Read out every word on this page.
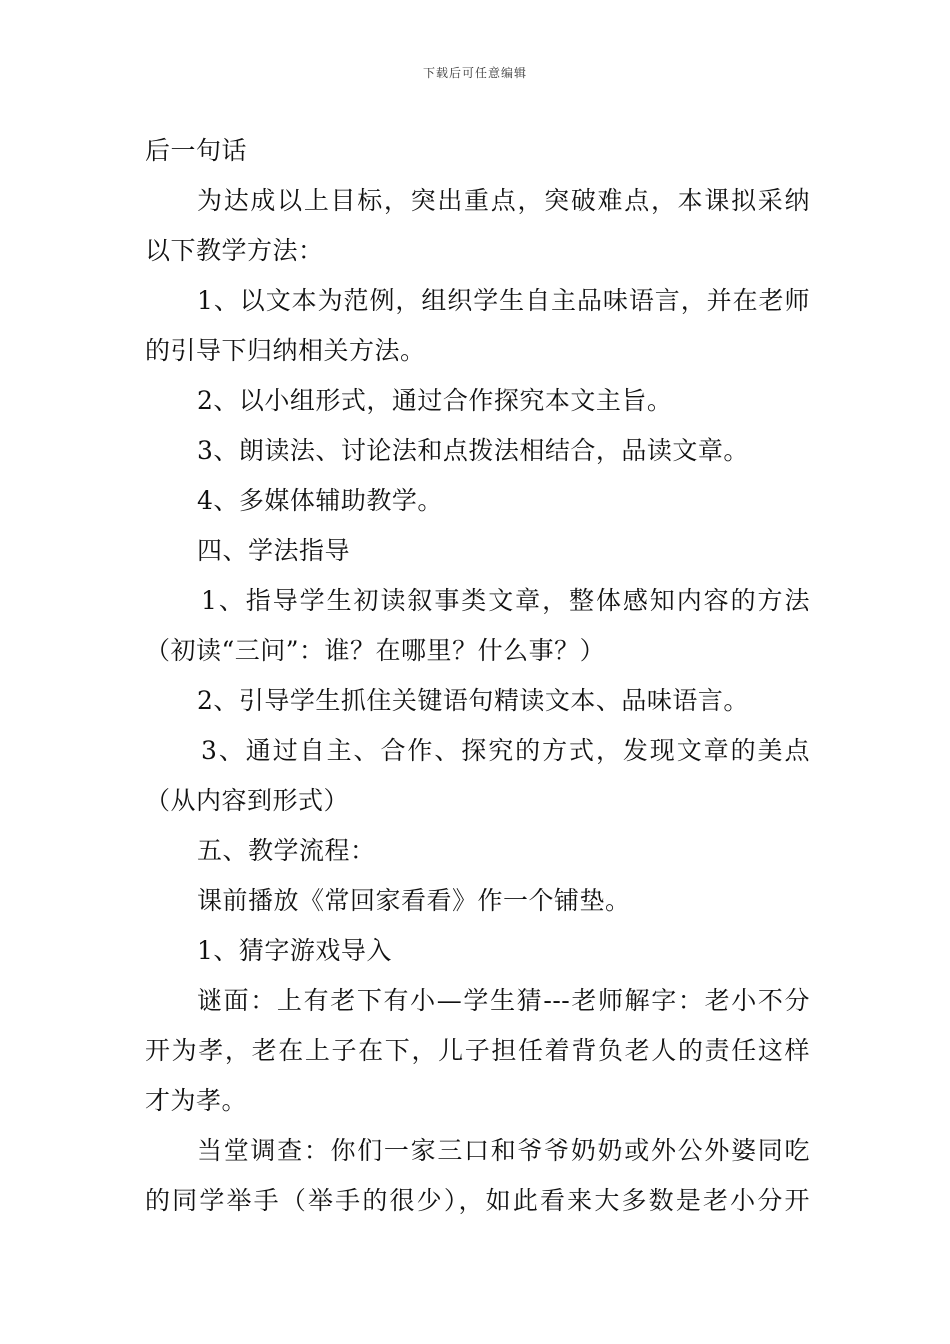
下载后可任意编辑
后一句话
为达成以上目标，突出重点，突破难点，本课拟采纳
以下教学方法：
1、以文本为范例，组织学生自主品味语言，并在老师
的引导下归纳相关方法。
2、以小组形式，通过合作探究本文主旨。
3、朗读法、讨论法和点拨法相结合，品读文章。
4、多媒体辅助教学。
四、学法指导
1、指导学生初读叙事类文章，整体感知内容的方法
（初读“三问”：谁？在哪里？什么事？）
2、引导学生抓住关键语句精读文本、品味语言。
3、通过自主、合作、探究的方式，发现文章的美点
（从内容到形式）
五、教学流程：
课前播放《常回家看看》作一个铺垫。
1、猜字游戏导入
谜面：上有老下有小—学生猜---老师解字：老小不分
开为孝，老在上子在下，儿子担任着背负老人的责任这样
才为孝。
当堂调查：你们一家三口和爷爷奶奶或外公外婆同吃
的同学举手（举手的很少），如此看来大多数是老小分开
